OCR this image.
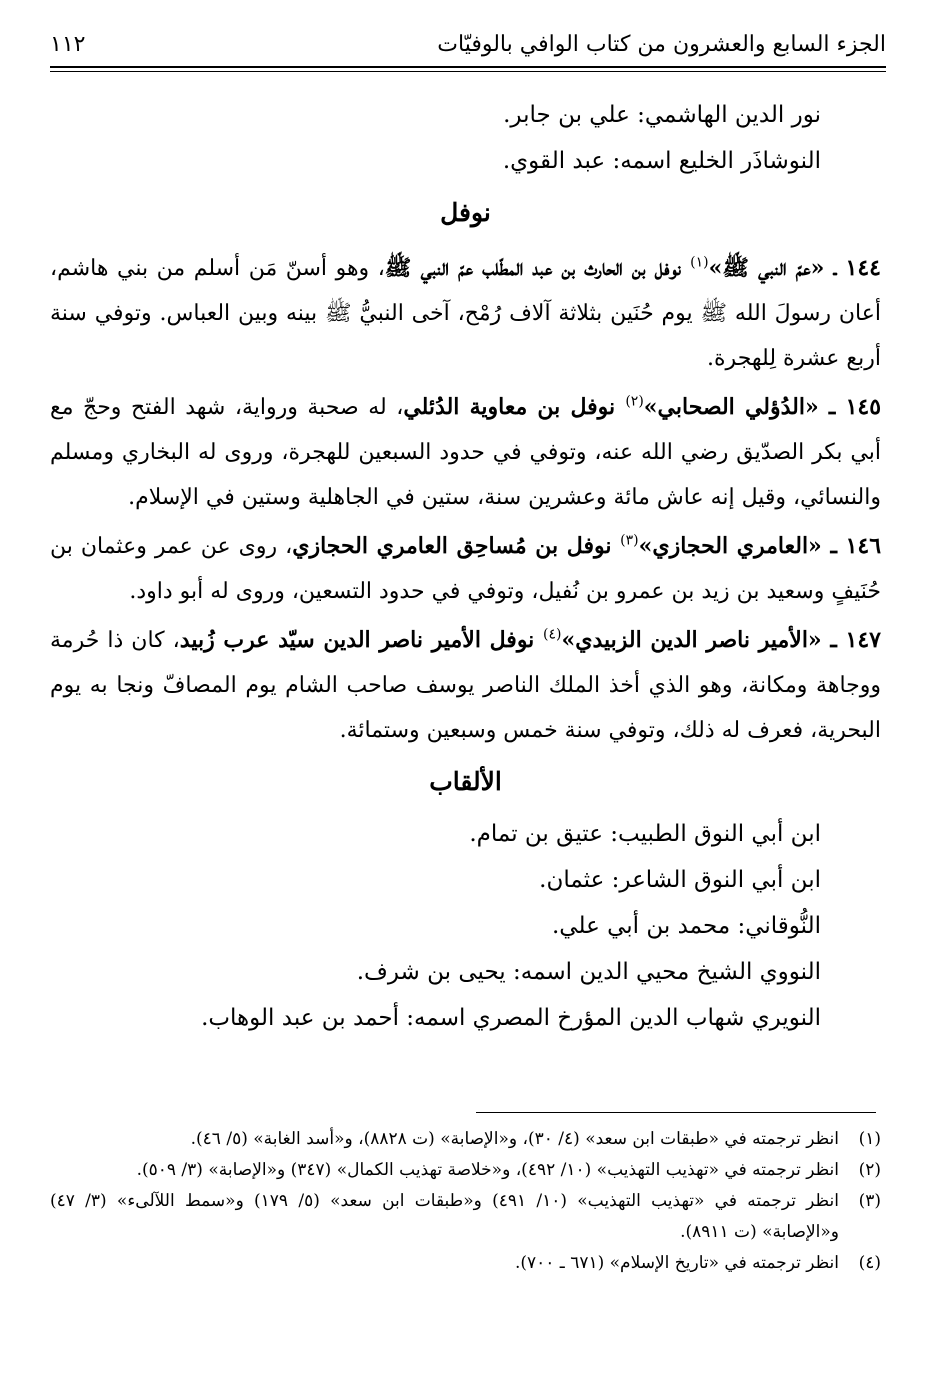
الجزء السابع والعشرون من كتاب الوافي بالوفيّات
١١٢
نور الدين الهاشمي: علي بن جابر.
النوشاذَر الخليع اسمه: عبد القوي.
نوفل
١٤٤ ـ «عمّ النبي ﷺ»$^{(١)}$ نوفل بن الحارث بن عبد المطّلب عمّ النبي ﷺ، وهو أسنّ مَن أسلم من بني هاشم، أعان رسولَ الله ﷺ يوم حُنَين بثلاثة آلاف رُمْح، آخى النبيُّ ﷺ بينه وبين العباس. وتوفي سنة أربع عشرة لِلهجرة.
١٤٥ ـ «الدُؤلي الصحابي»$^{(٢)}$ نوفل بن معاوية الدُئلي، له صحبة ورواية، شهد الفتح وحجّ مع أبي بكر الصدّيق رضي الله عنه، وتوفي في حدود السبعين للهجرة، وروى له البخاري ومسلم والنسائي، وقيل إنه عاش مائة وعشرين سنة، ستين في الجاهلية وستين في الإسلام.
١٤٦ ـ «العامري الحجازي»$^{(٣)}$ نوفل بن مُساحِق العامري الحجازي، روى عن عمر وعثمان بن حُنَيفٍ وسعيد بن زيد بن عمرو بن نُفيل، وتوفي في حدود التسعين، وروى له أبو داود.
١٤٧ ـ «الأمير ناصر الدين الزبيدي»$^{(٤)}$ نوفل الأمير ناصر الدين سيّد عرب زُبيد، كان ذا حُرمة ووجاهة ومكانة، وهو الذي أخذ الملك الناصر يوسف صاحب الشام يوم المصافّ ونجا به يوم البحرية، فعرف له ذلك، وتوفي سنة خمس وسبعين وستمائة.
الألقاب
ابن أبي النوق الطبيب: عتيق بن تمام.
ابن أبي النوق الشاعر: عثمان.
النُّوقاني: محمد بن أبي علي.
النووي الشيخ محيي الدين اسمه: يحيى بن شرف.
النويري شهاب الدين المؤرخ المصري اسمه: أحمد بن عبد الوهاب.
(١)
انظر ترجمته في «طبقات ابن سعد» (٤/ ٣٠)، و«الإصابة» (ت ٨٨٢٨)، و«أسد الغابة» (٥/ ٤٦).
(٢)
انظر ترجمته في «تهذيب التهذيب» (١٠/ ٤٩٢)، و«خلاصة تهذيب الكمال» (٣٤٧) و«الإصابة» (٣/ ٥٠٩).
(٣)
انظر ترجمته في «تهذيب التهذيب» (١٠/ ٤٩١) و«طبقات ابن سعد» (٥/ ١٧٩) و«سمط اللآلىء» (٣/ ٤٧) و«الإصابة» (ت ٨٩١١).
(٤)
انظر ترجمته في «تاريخ الإسلام» (٦٧١ ـ ٧٠٠).
